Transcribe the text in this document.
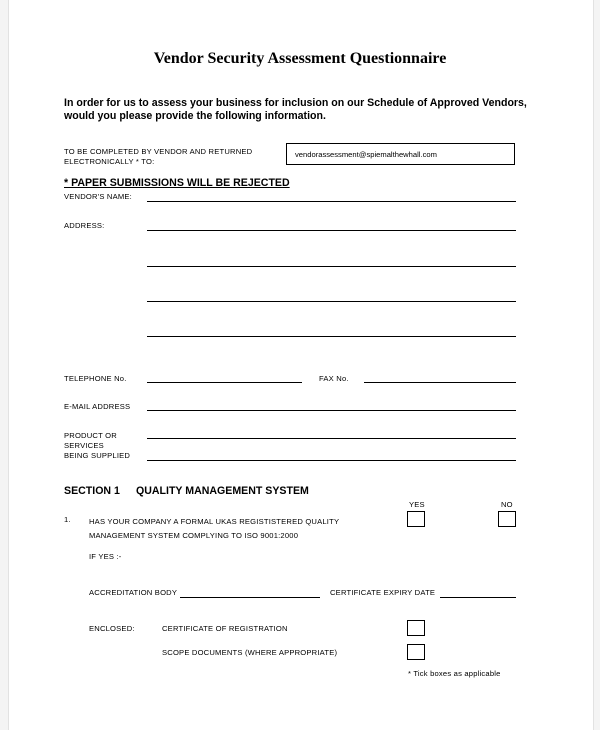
Vendor Security Assessment Questionnaire
In order for us to assess your business for inclusion on our Schedule of Approved Vendors,
would you please provide the following information.
TO BE COMPLETED BY VENDOR AND RETURNED
ELECTRONICALLY * TO:
vendorassessment@spiemalthewhall.com
* PAPER SUBMISSIONS WILL BE REJECTED
VENDOR'S NAME:
ADDRESS:
TELEPHONE No.	FAX No.
E-MAIL ADDRESS
PRODUCT OR
SERVICES
BEING SUPPLIED
SECTION 1 QUALITY MANAGEMENT SYSTEM
YES	NO
1. HAS YOUR COMPANY A FORMAL UKAS REGISTISTERED QUALITY
MANAGEMENT SYSTEM COMPLYING TO ISO 9001:2000
IF YES :-
ACCREDITATION BODY	CERTIFICATE EXPIRY DATE
ENCLOSED:	CERTIFICATE OF REGISTRATION
SCOPE DOCUMENTS (WHERE APPROPRIATE)
* Tick boxes as applicable
